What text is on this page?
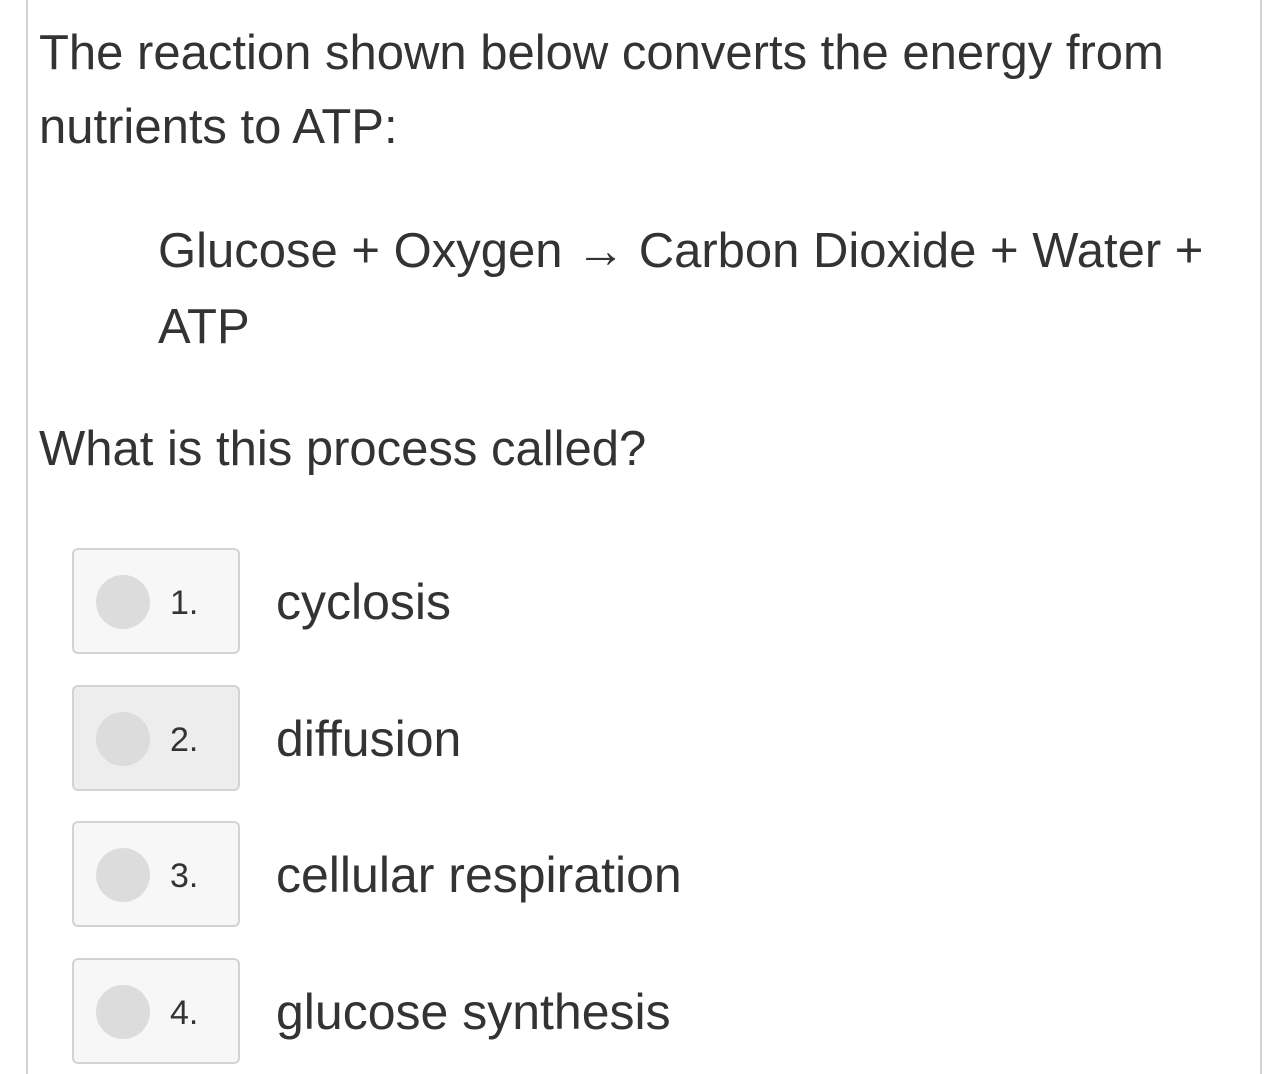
The reaction shown below converts the energy from nutrients to ATP:

Glucose + Oxygen → Carbon Dioxide + Water + ATP

What is this process called?

1. cyclosis
2. diffusion
3. cellular respiration
4. glucose synthesis
